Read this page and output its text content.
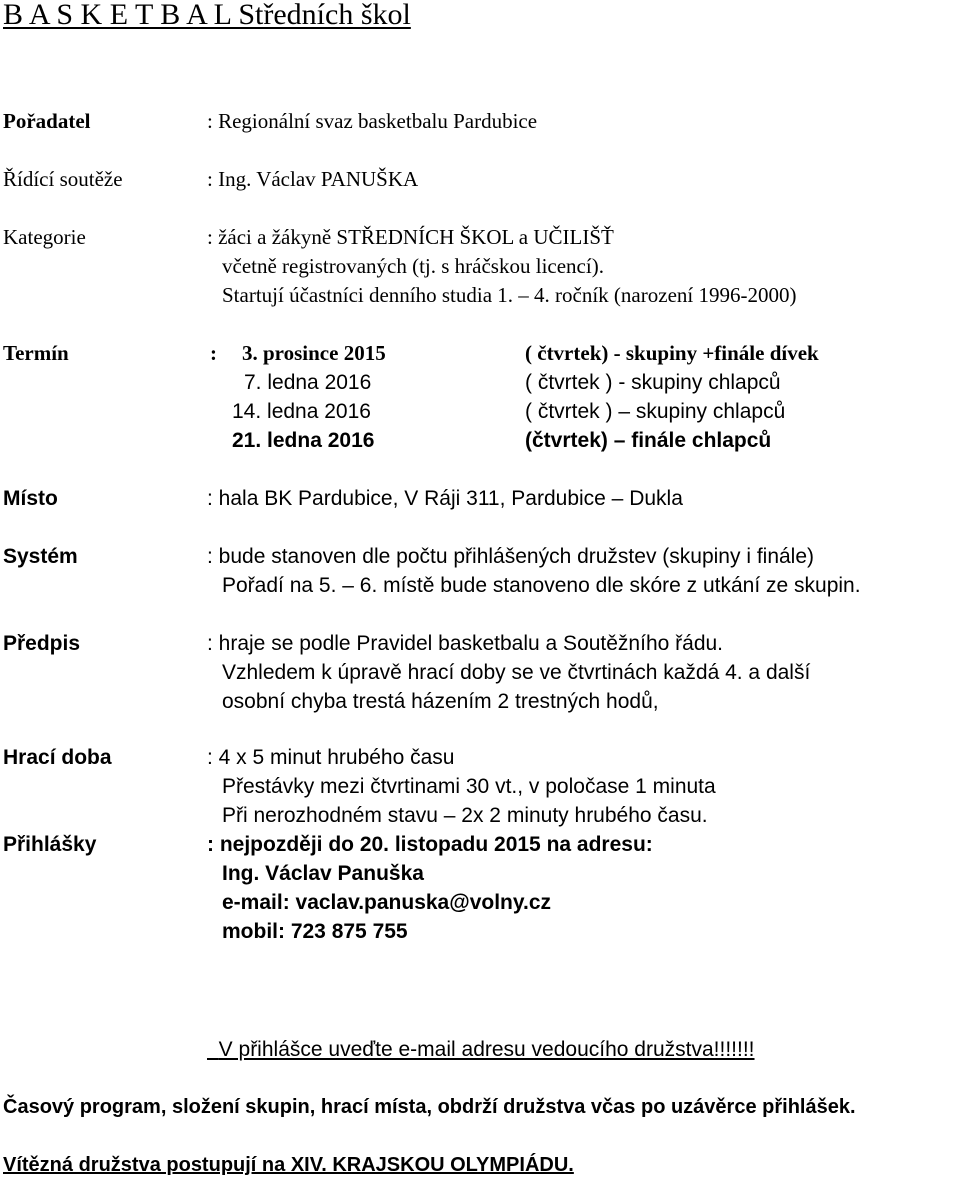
B A S K E T B A L Středních škol
Pořadatel	: Regionální svaz basketbalu Pardubice
Řídící soutěže	: Ing. Václav PANUŠKA
Kategorie	: žáci a žákyně STŘEDNÍCH ŠKOL a UČILIŠŤ
včetně registrovaných (tj. s hráčskou licencí).
Startují účastníci denního studia 1. – 4. ročník (narození 1996-2000)
Termín	: 3. prosince 2015	( čtvrtek) - skupiny +finále dívek
7. ledna 2016	( čtvrtek ) - skupiny chlapců
14. ledna 2016	( čtvrtek ) – skupiny chlapců
21. ledna 2016	(čtvrtek) – finále chlapců
Místo	: hala BK Pardubice, V Ráji 311, Pardubice – Dukla
Systém	: bude stanoven dle počtu přihlášených družstev (skupiny i finále)
Pořadí na 5. – 6. místě bude stanoveno dle skóre z utkání ze skupin.
Předpis	: hraje se podle Pravidel basketbalu a Soutěžního řádu.
Vzhledem k úpravě hrací doby se ve čtvrtinách každá 4. a další
osobní chyba trestá házením 2 trestných hodů,
Hrací doba	: 4 x 5 minut hrubého času
Přestávky mezi čtvrtinami 30 vt., v poločase 1 minuta
Při nerozhodném stavu – 2x 2 minuty hrubého času.
Přihlášky	: nejpozději do 20. listopadu 2015 na adresu:
Ing. Václav Panuška
e-mail: vaclav.panuska@volny.cz
mobil: 723 875 755
V přihlášce uveďte e-mail adresu vedoucího družstva!!!!!!!
Časový program, složení skupin, hrací místa, obdrží družstva včas po uzávěrce přihlášek.
Vítězná družstva postupují na XIV. KRAJSKOU OLYMPIÁDU.
